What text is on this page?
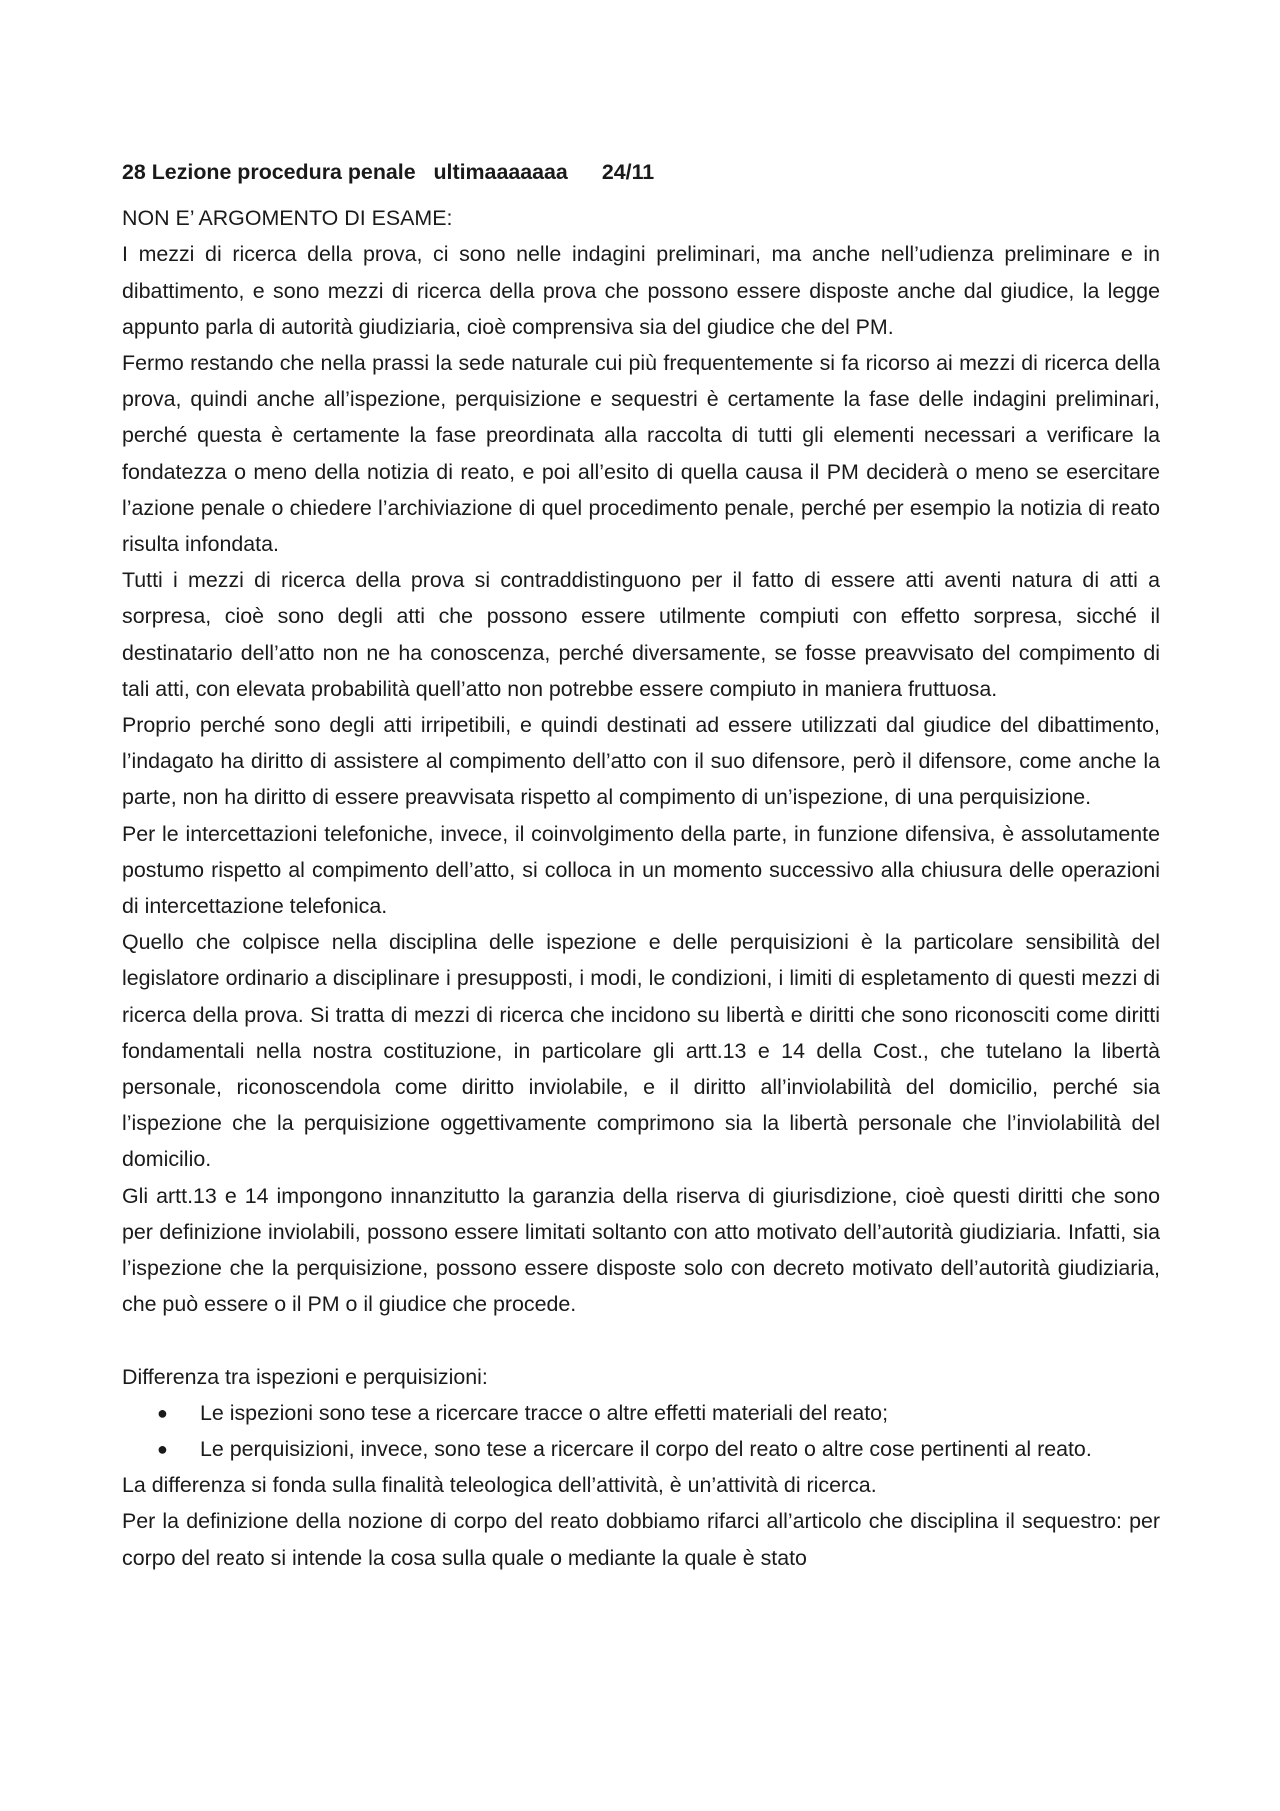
28 Lezione procedura penale   ultimaaaaaaa 24/11

NON E’ ARGOMENTO DI ESAME:

I mezzi di ricerca della prova, ci sono nelle indagini preliminari, ma anche nell’udienza preliminare e in dibattimento, e sono mezzi di ricerca della prova che possono essere disposte anche dal giudice, la legge appunto parla di autorità giudiziaria, cioè comprensiva sia del giudice che del PM.

Fermo restando che nella prassi la sede naturale cui più frequentemente si fa ricorso ai mezzi di ricerca della prova, quindi anche all’ispezione, perquisizione e sequestri è certamente la fase delle indagini preliminari, perché questa è certamente la fase preordinata alla raccolta di tutti gli elementi necessari a verificare la fondatezza o meno della notizia di reato, e poi all’esito di quella causa il PM deciderà o meno se esercitare l’azione penale o chiedere l’archiviazione di quel procedimento penale, perché per esempio la notizia di reato risulta infondata.

Tutti i mezzi di ricerca della prova si contraddistinguono per il fatto di essere atti aventi natura di atti a sorpresa, cioè sono degli atti che possono essere utilmente compiuti con effetto sorpresa, sicché il destinatario dell’atto non ne ha conoscenza, perché diversamente, se fosse preavvisato del compimento di tali atti, con elevata probabilità quell’atto non potrebbe essere compiuto in maniera fruttuosa.

Proprio perché sono degli atti irripetibili, e quindi destinati ad essere utilizzati dal giudice del dibattimento, l’indagato ha diritto di assistere al compimento dell’atto con il suo difensore, però il difensore, come anche la parte, non ha diritto di essere preavvisata rispetto al compimento di un’ispezione, di una perquisizione.

Per le intercettazioni telefoniche, invece, il coinvolgimento della parte, in funzione difensiva, è assolutamente postumo rispetto al compimento dell’atto, si colloca in un momento successivo alla chiusura delle operazioni di intercettazione telefonica.

Quello che colpisce nella disciplina delle ispezione e delle perquisizioni è la particolare sensibilità del legislatore ordinario a disciplinare i presupposti, i modi, le condizioni, i limiti di espletamento di questi mezzi di ricerca della prova. Si tratta di mezzi di ricerca che incidono su libertà e diritti che sono riconosciti come diritti fondamentali nella nostra costituzione, in particolare gli artt.13 e 14 della Cost., che tutelano la libertà personale, riconoscendola come diritto inviolabile, e il diritto all’inviolabilità del domicilio, perché sia l’ispezione che la perquisizione oggettivamente comprimono sia la libertà personale che l’inviolabilità del domicilio.

Gli artt.13 e 14 impongono innanzitutto la garanzia della riserva di giurisdizione, cioè questi diritti che sono per definizione inviolabili, possono essere limitati soltanto con atto motivato dell’autorità giudiziaria. Infatti, sia l’ispezione che la perquisizione, possono essere disposte solo con decreto motivato dell’autorità giudiziaria, che può essere o il PM o il giudice che procede.

Differenza tra ispezioni e perquisizioni:

● Le ispezioni sono tese a ricercare tracce o altre effetti materiali del reato;
● Le perquisizioni, invece, sono tese a ricercare il corpo del reato o altre cose pertinenti al reato.

La differenza si fonda sulla finalità teleologica dell’attività, è un’attività di ricerca.

Per la definizione della nozione di corpo del reato dobbiamo rifarci all’articolo che disciplina il sequestro: per corpo del reato si intende la cosa sulla quale o mediante la quale è stato
